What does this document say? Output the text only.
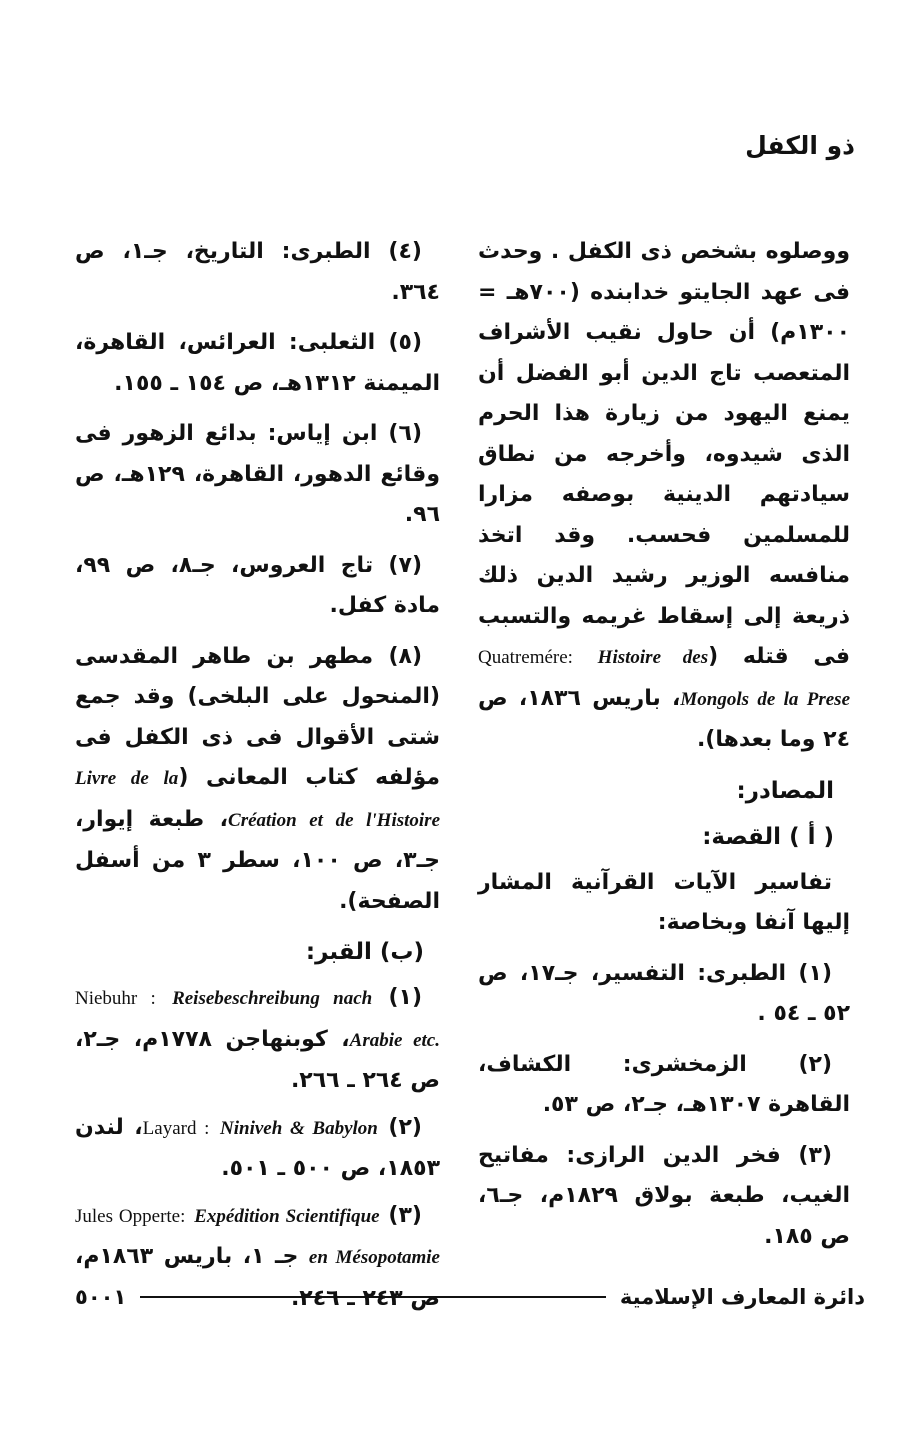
ذو الكفل

ووصلوه بشخص ذى الكفل . وحدث فى عهد الجايتو خدابنده (٧٠٠هـ = ١٣٠٠م) أن حاول نقيب الأشراف المتعصب تاج الدين أبو الفضل أن يمنع اليهود من زيارة هذا الحرم الذى شيدوه، وأخرجه من نطاق سيادتهم الدينية بوصفه مزارا للمسلمين فحسب. وقد اتخذ منافسه الوزير رشيد الدين ذلك ذريعة إلى إسقاط غريمه والتسبب فى قتله (Quatremére: Histoire des Mongols de la Prese، باريس ١٨٣٦، ص ٢٤ وما بعدها).

المصادر:
( أ ) القصة:

تفاسير الآيات القرآنية المشار إليها آنفا وبخاصة:

(١) الطبرى: التفسير، جـ١٧، ص ٥٢ ـ ٥٤ .

(٢) الزمخشرى: الكشاف، القاهرة ١٣٠٧هـ، جـ٢، ص ٥٣.

(٣) فخر الدين الرازى: مفاتيح الغيب، طبعة بولاق ١٨٢٩م، جـ٦، ص ١٨٥.

(٤) الطبرى: التاريخ، جـ١، ص ٣٦٤.

(٥) الثعلبى: العرائس، القاهرة، الميمنة ١٣١٢هـ، ص ١٥٤ ـ ١٥٥.

(٦) ابن إياس: بدائع الزهور فى وقائع الدهور، القاهرة، ١٢٩هـ، ص ٩٦.

(٧) تاج العروس، جـ٨، ص ٩٩، مادة كفل.

(٨) مطهر بن طاهر المقدسى (المنحول على البلخى) وقد جمع شتى الأقوال فى ذى الكفل فى مؤلفه كتاب المعانى (Livre de la Création et de l'Histoire، طبعة إيوار، جـ٣، ص ١٠٠، سطر ٣ من أسفل الصفحة).

(ب) القبر:

(١) Niebuhr : Reisebeschreibung nach Arabie etc.، كوبنهاجن ١٧٧٨م، جـ٢، ص ٢٦٤ ـ ٢٦٦.

(٢) Layard : Niniveh & Babylon، لندن ١٨٥٣، ص ٥٠٠ ـ ٥٠١.

(٣) Jules Opperte: Expédition Scientifique en Mésopotamie جـ ١، باريس ١٨٦٣م، ص ٢٤٣ ـ ٢٤٦.	دائرة المعارف الإسلامية
٥٠٠١
